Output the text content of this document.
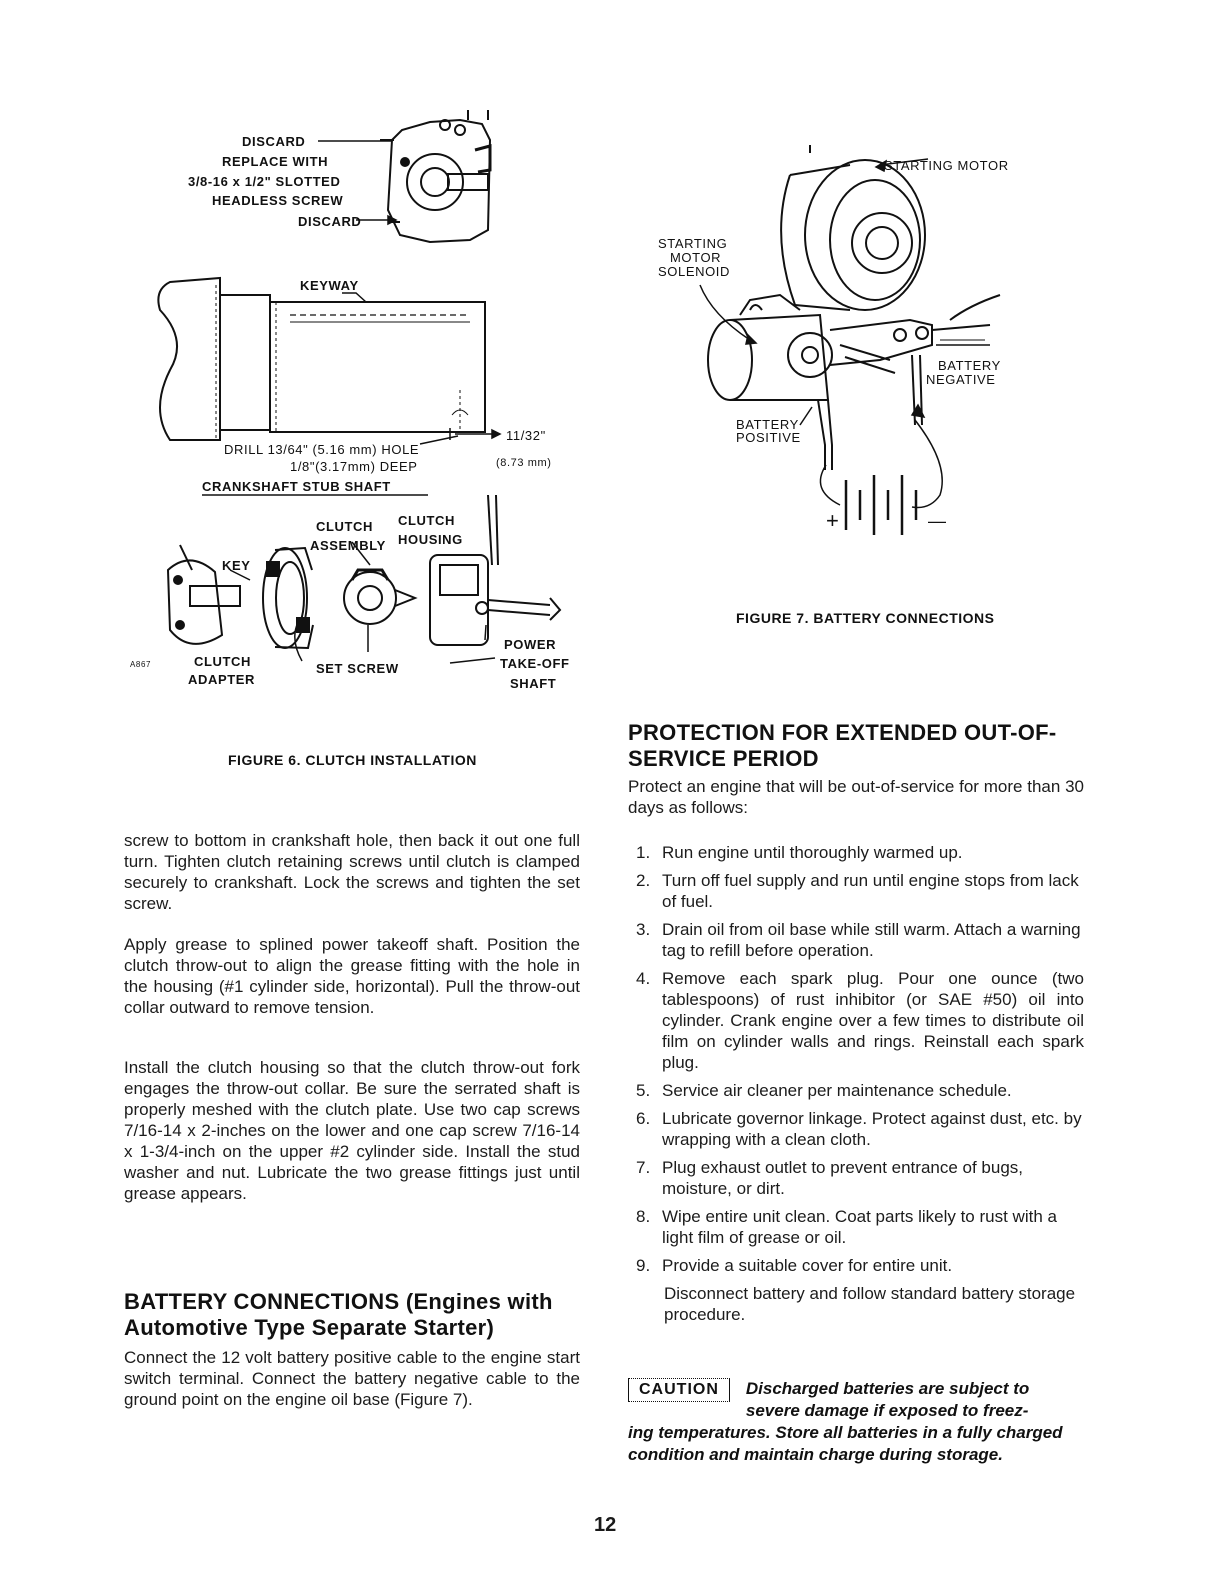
DISCARD
REPLACE WITH
3/8-16 x 1/2" SLOTTED
HEADLESS SCREW
DISCARD
KEYWAY
DRILL 13/64" (5.16 mm) HOLE
1/8"(3.17mm) DEEP
11/32"
(8.73 mm)
CRANKSHAFT STUB SHAFT
CLUTCH
ASSEMBLY
CLUTCH
HOUSING
KEY
A867	CLUTCH
ADAPTER
SET SCREW
POWER
TAKE-OFF
SHAFT
FIGURE 6. CLUTCH INSTALLATION
STARTING MOTOR
STARTING
MOTOR
SOLENOID
BATTERY
NEGATIVE
BATTERY
POSITIVE
+	—
FIGURE 7. BATTERY CONNECTIONS

screw to bottom in crankshaft hole, then back it out one full turn. Tighten clutch retaining screws until clutch is clamped securely to crankshaft. Lock the screws and tighten the set screw.

Apply grease to splined power takeoff shaft. Position the clutch throw-out to align the grease fitting with the hole in the housing (#1 cylinder side, horizontal). Pull the throw-out collar outward to remove tension.

Install the clutch housing so that the clutch throw-out fork engages the throw-out collar. Be sure the serrated shaft is properly meshed with the clutch plate. Use two cap screws 7/16-14 x 2-inches on the lower and one cap screw 7/16-14 x 1-3/4-inch on the upper #2 cylinder side. Install the stud washer and nut. Lubricate the two grease fittings just until grease appears.

BATTERY CONNECTIONS (Engines with
Automotive Type Separate Starter)

Connect the 12 volt battery positive cable to the engine start switch terminal. Connect the battery negative cable to the ground point on the engine oil base (Figure 7).

PROTECTION FOR EXTENDED OUT-OF-
SERVICE PERIOD

Protect an engine that will be out-of-service for more than 30 days as follows:

1. Run engine until thoroughly warmed up.
2. Turn off fuel supply and run until engine stops from lack of fuel.
3. Drain oil from oil base while still warm. Attach a warning tag to refill before operation.
4. Remove each spark plug. Pour one ounce (two tablespoons) of rust inhibitor (or SAE #50) oil into cylinder. Crank engine over a few times to distribute oil film on cylinder walls and rings. Reinstall each spark plug.
5. Service air cleaner per maintenance schedule.
6. Lubricate governor linkage. Protect against dust, etc. by wrapping with a clean cloth.
7. Plug exhaust outlet to prevent entrance of bugs, moisture, or dirt.
8. Wipe entire unit clean. Coat parts likely to rust with a light film of grease or oil.
9. Provide a suitable cover for entire unit.

Disconnect battery and follow standard battery storage procedure.

CAUTION	Discharged batteries are subject to
severe damage if exposed to freez-
ing temperatures. Store all batteries in a fully charged
condition and maintain charge during storage.
12
